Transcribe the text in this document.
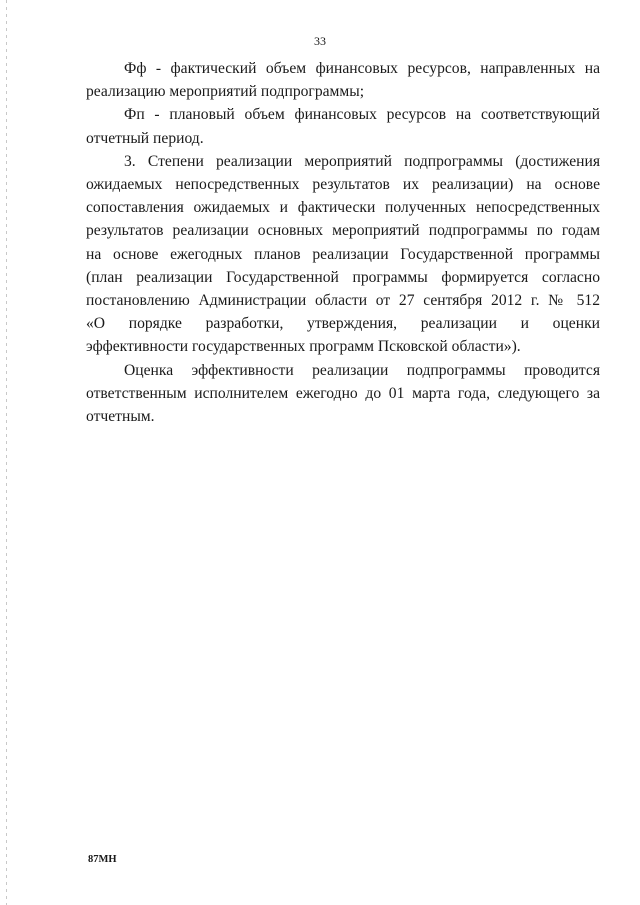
33

Фф - фактический объем финансовых ресурсов, направленных на
реализацию мероприятий подпрограммы;

Фп - плановый объем финансовых ресурсов на соответствующий
отчетный период.

3. Степени реализации мероприятий подпрограммы (достижения
ожидаемых непосредственных результатов их реализации) на основе
сопоставления ожидаемых и фактически полученных непосредственных
результатов реализации основных мероприятий подпрограммы по годам
на основе ежегодных планов реализации Государственной программы
(план реализации Государственной программы формируется согласно
постановлению Администрации области от 27 сентября 2012 г. № 512
«О порядке разработки, утверждения, реализации и оценки
эффективности государственных программ Псковской области»).

Оценка эффективности реализации подпрограммы проводится
ответственным исполнителем ежегодно до 01 марта года, следующего за
отчетным.

87МН
